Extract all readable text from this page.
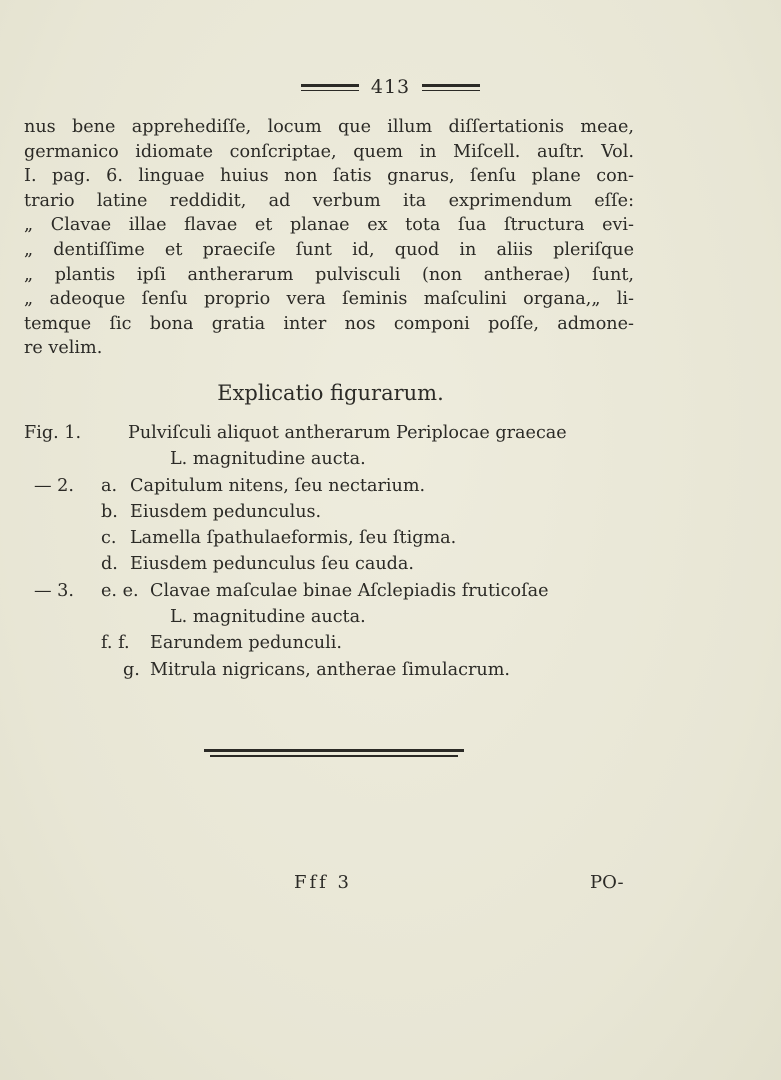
413
nus bene apprehediſſe, locum que illum diſſertationis meae,
germanico idiomate conſcriptae, quem in Miſcell. auſtr. Vol.
I. pag. 6. linguae huius non ſatis gnarus, ſenſu plane con-
trario latine reddidit, ad verbum ita exprimendum eſſe:
„ Clavae illae flavae et planae ex tota ſua ſtructura evi-
„ dentiſſime et praeciſe ſunt id, quod in aliis pleriſque
„ plantis ipſi antherarum pulvisculi (non antherae) ſunt,
„ adeoque ſenſu proprio vera ſeminis maſculini organa,„ li-
temque ſic bona gratia inter nos componi poſſe, admone-
re velim.
Explicatio figurarum.
Fig. 1.	Pulviſculi aliquot antherarum Periplocae graecae
L. magnitudine aucta.
— 2. a. Capitulum nitens, ſeu nectarium.
b. Eiusdem pedunculus.
c. Lamella ſpathulaeformis, ſeu ſtigma.
d. Eiusdem pedunculus ſeu cauda.
— 3. e. e. Clavae maſculae binae Aſclepiadis fruticoſae
L. magnitudine aucta.
f. f. Earundem pedunculi.
g. Mitrula nigricans, antherae ſimulacrum.
Fff 3	PO-
